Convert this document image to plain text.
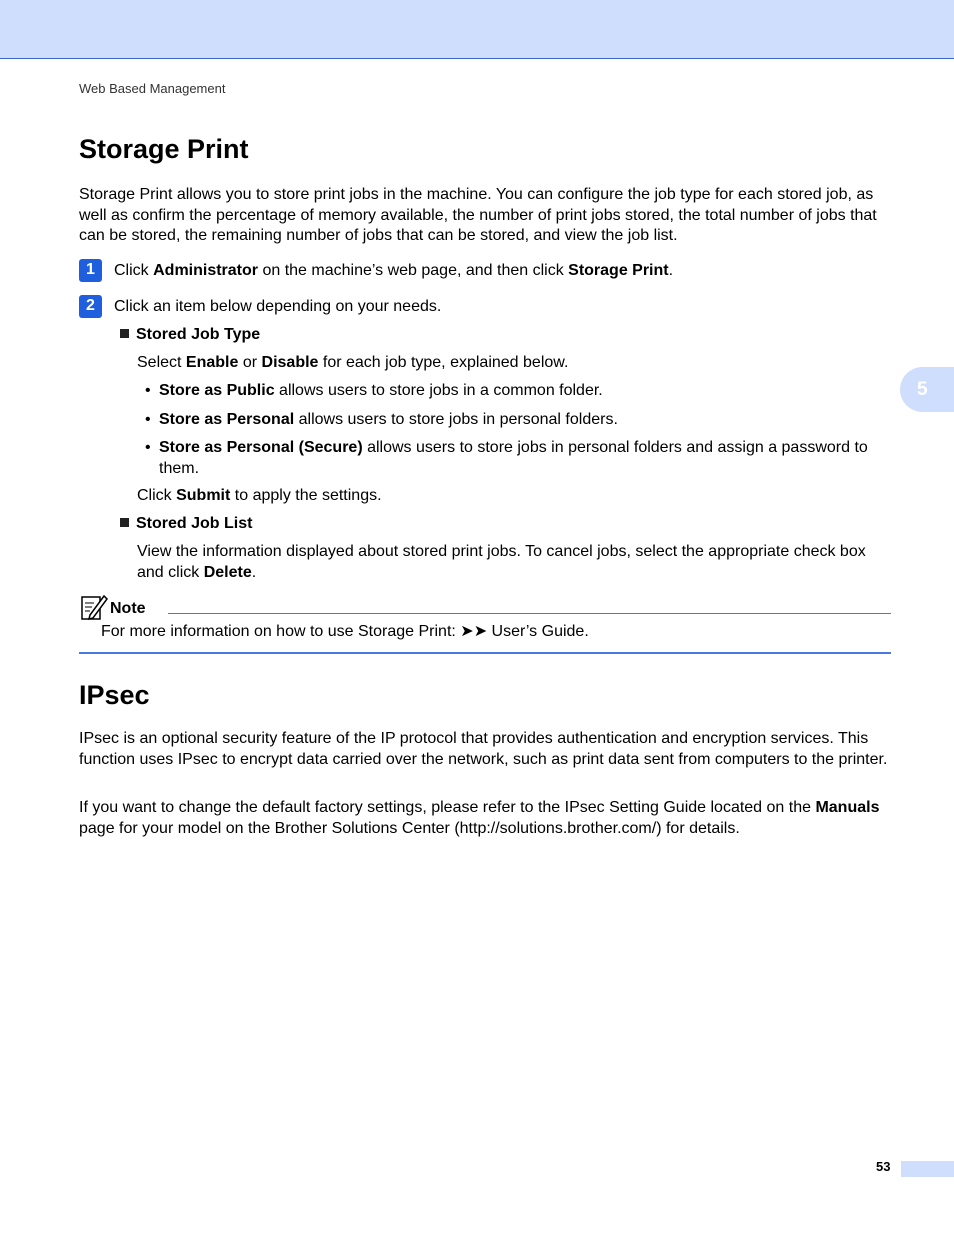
Web Based Management
5
Storage Print

Storage Print allows you to store print jobs in the machine. You can configure the job type for each stored job, as well as confirm the percentage of memory available, the number of print jobs stored, the total number of jobs that can be stored, the remaining number of jobs that can be stored, and view the job list.

1	Click Administrator on the machine’s web page, and then click Storage Print.
2	Click an item below depending on your needs.
Stored Job Type

Select Enable or Disable for each job type, explained below.

• Store as Public allows users to store jobs in a common folder.
• Store as Personal allows users to store jobs in personal folders.
• Store as Personal (Secure) allows users to store jobs in personal folders and assign a password to them.

Click Submit to apply the settings.

Stored Job List

View the information displayed about stored print jobs. To cancel jobs, select the appropriate check box and click Delete.

Note
For more information on how to use Storage Print: ➤➤ User’s Guide.
IPsec

IPsec is an optional security feature of the IP protocol that provides authentication and encryption services. This function uses IPsec to encrypt data carried over the network, such as print data sent from computers to the printer.

If you want to change the default factory settings, please refer to the IPsec Setting Guide located on the Manuals page for your model on the Brother Solutions Center (http://solutions.brother.com/) for details.

53
